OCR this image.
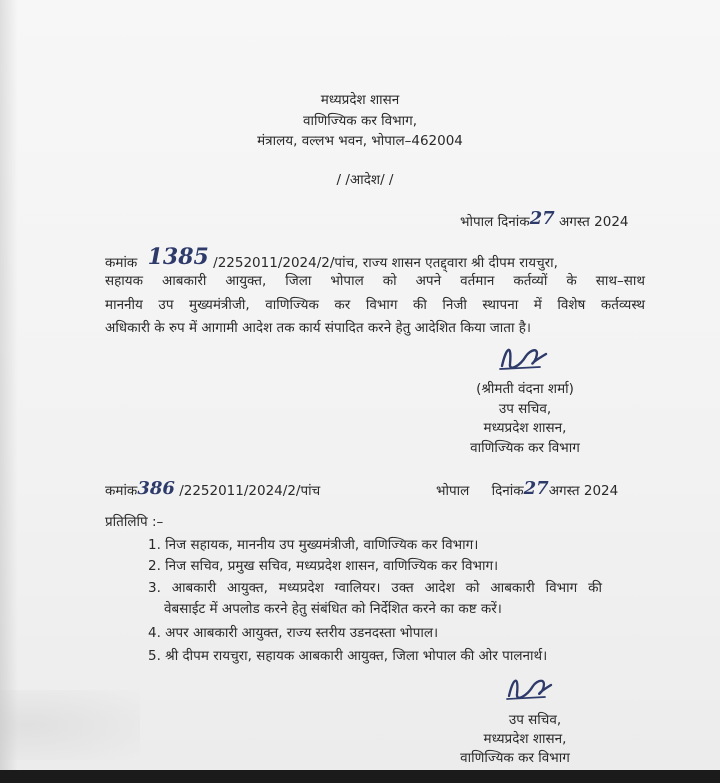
मध्यप्रदेश शासन
वाणिज्यिक कर विभाग,
मंत्रालय, वल्लभ भवन, भोपाल–462004
/ /आदेश/ /
भोपाल दिनांक27 अगस्त 2024
कमांक 1385 /2252011/2024/2/पांच, राज्य शासन एतद्द्वारा श्री दीपम रायचुरा,
सहायक आबकारी आयुक्त, जिला भोपाल को अपने वर्तमान कर्तव्यों के साथ–साथ
माननीय उप मुख्यमंत्रीजी, वाणिज्यिक कर विभाग की निजी स्थापना में विशेष कर्तव्यस्थ
अधिकारी के रुप में आगामी आदेश तक कार्य संपादित करने हेतु आदेशित किया जाता है।
(श्रीमती वंदना शर्मा)
उप सचिव,
मध्यप्रदेश शासन,
वाणिज्यिक कर विभाग
कमांक386 /2252011/2024/2/पांच	भोपाल दिनांक27अगस्त 2024
प्रतिलिपि :–
1. निज सहायक, माननीय उप मुख्यमंत्रीजी, वाणिज्यिक कर विभाग।
2. निज सचिव, प्रमुख सचिव, मध्यप्रदेश शासन, वाणिज्यिक कर विभाग।
3. आबकारी आयुक्त, मध्यप्रदेश ग्वालियर। उक्त आदेश को आबकारी विभाग की
वेबसाईट में अपलोड करने हेतु संबंधित को निर्देशित करने का कष्ट करें।
4. अपर आबकारी आयुक्त, राज्य स्तरीय उडनदस्ता भोपाल।
5. श्री दीपम रायचुरा, सहायक आबकारी आयुक्त, जिला भोपाल की ओर पालनार्थ।
उप सचिव,
मध्यप्रदेश शासन,
वाणिज्यिक कर विभाग
